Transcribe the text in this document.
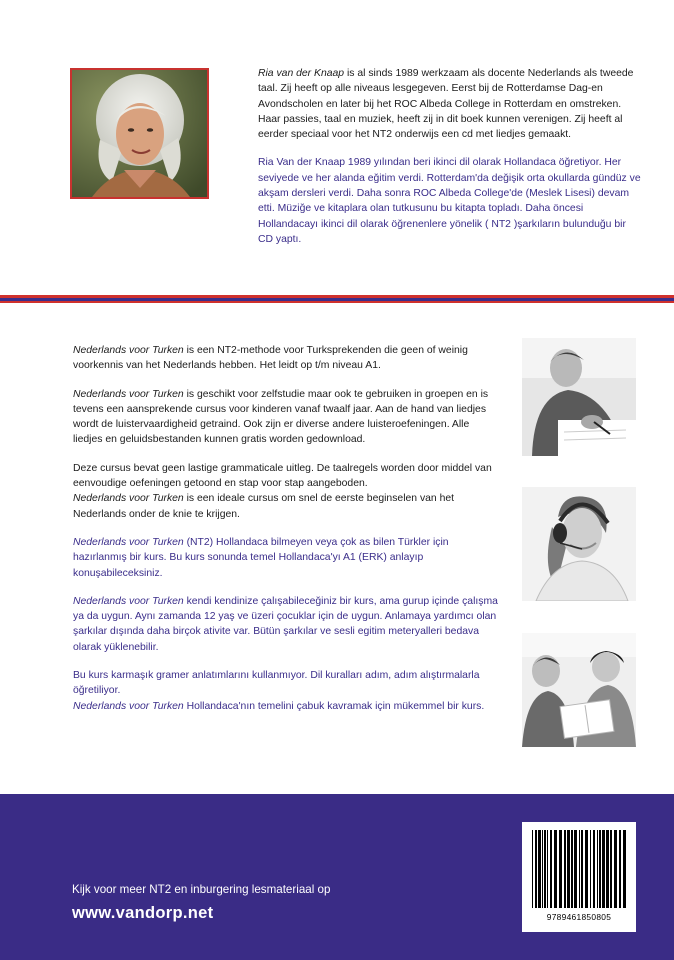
Ria van der Knaap is al sinds 1989 werkzaam als docente Nederlands als tweede taal. Zij heeft op alle niveaus lesgegeven. Eerst bij de Rotterdamse Dag-en Avondscholen en later bij het ROC Albeda College in Rotterdam en omstreken. Haar passies, taal en muziek, heeft zij in dit boek kunnen verenigen. Zij heeft al eerder speciaal voor het NT2 onderwijs een cd met liedjes gemaakt.

Ria Van der Knaap 1989 yılından beri ikinci dil olarak Hollandaca öğretiyor. Her seviyede ve her alanda eğitim verdi. Rotterdam'da değişik orta okullarda gündüz ve akşam dersleri verdi. Daha sonra ROC Albeda College'de (Meslek Lisesi) devam etti. Müziğe ve kitaplara olan tutkusunu bu kitapta topladı. Daha öncesi Hollandacayı ikinci dil olarak öğrenenlere yönelik ( NT2 )şarkıların bulunduğu bir CD yaptı.

Nederlands voor Turken is een NT2-methode voor Turksprekenden die geen of weinig voorkennis van het Nederlands hebben. Het leidt op t/m niveau A1.

Nederlands voor Turken is geschikt voor zelfstudie maar ook te gebruiken in groepen en is tevens een aansprekende cursus voor kinderen vanaf twaalf jaar. Aan de hand van liedjes wordt de luistervaardigheid getraind. Ook zijn er diverse andere luisteroefeningen. Alle liedjes en geluidsbestanden kunnen gratis worden gedownload.

Deze cursus bevat geen lastige grammaticale uitleg. De taalregels worden door middel van eenvoudige oefeningen getoond en stap voor stap aangeboden.
Nederlands voor Turken is een ideale cursus om snel de eerste beginselen van het Nederlands onder de knie te krijgen.

Nederlands voor Turken (NT2) Hollandaca bilmeyen veya çok as bilen Türkler için hazırlanmış bir kurs. Bu kurs sonunda temel Hollandaca'yı A1 (ERK) anlayıp konuşabileceksiniz.

Nederlands voor Turken kendi kendinize çalışabileceğiniz bir kurs, ama gurup içinde çalışma ya da uygun. Aynı zamanda 12 yaş ve üzeri çocuklar için de uygun. Anlamaya yardımcı olan şarkılar dışında daha birçok ativite var. Bütün şarkılar ve sesli egitim meteryalleri bedava olarak yüklenebilir.

Bu kurs karmaşık gramer anlatımlarını kullanmıyor. Dil kuralları adım, adım alıştırmalarla öğretiliyor.
Nederlands voor Turken Hollandaca'nın temelini çabuk kavramak için mükemmel bir kurs.

Kijk voor meer NT2 en inburgering lesmateriaal op
www.vandorp.net	9789461850805
